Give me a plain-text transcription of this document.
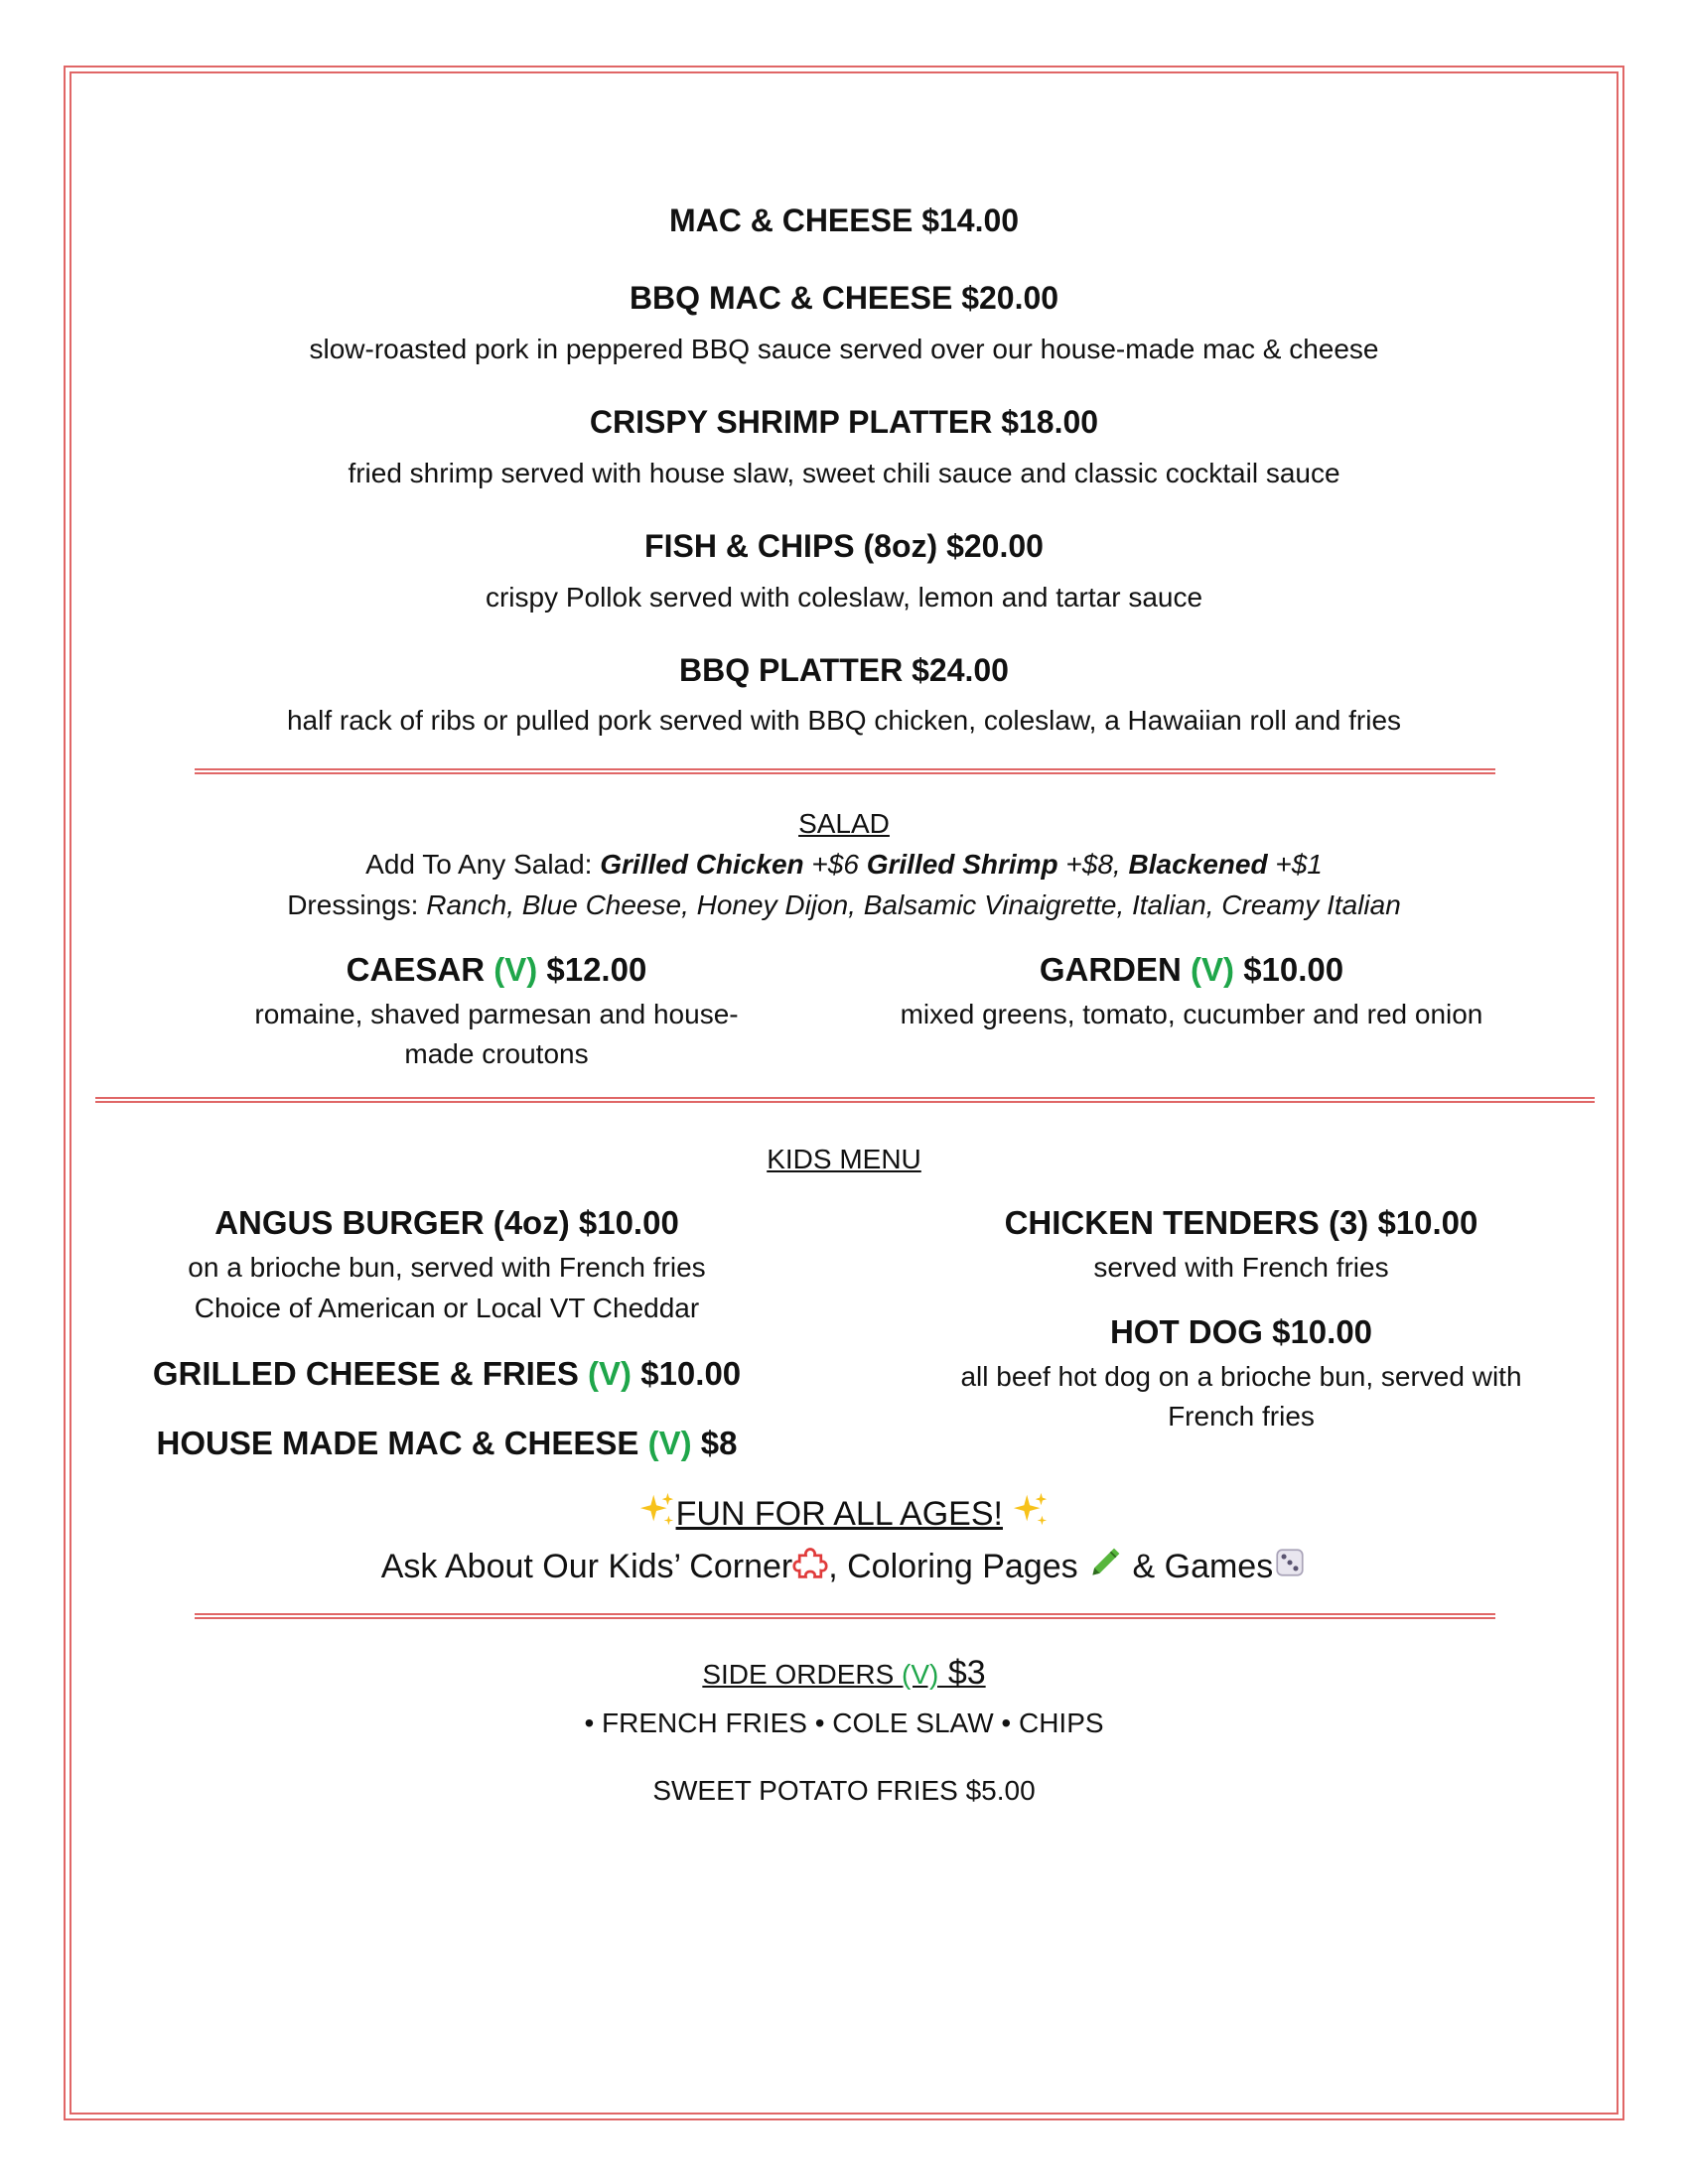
MAC & CHEESE $14.00
BBQ MAC & CHEESE $20.00
slow-roasted pork in peppered BBQ sauce served over our house-made mac & cheese
CRISPY SHRIMP PLATTER $18.00
fried shrimp served with house slaw, sweet chili sauce and classic cocktail sauce
FISH & CHIPS (8oz) $20.00
crispy Pollok served with coleslaw, lemon and tartar sauce
BBQ PLATTER $24.00
half rack of ribs or pulled pork served with BBQ chicken, coleslaw, a Hawaiian roll and fries
SALAD
Add To Any Salad: Grilled Chicken +$6 Grilled Shrimp +$8, Blackened +$1
Dressings: Ranch, Blue Cheese, Honey Dijon, Balsamic Vinaigrette, Italian, Creamy Italian
CAESAR (V) $12.00
romaine, shaved parmesan and house-made croutons
GARDEN (V) $10.00
mixed greens, tomato, cucumber and red onion
KIDS MENU
ANGUS BURGER (4oz) $10.00
on a brioche bun, served with French fries
Choice of American or Local VT Cheddar
GRILLED CHEESE & FRIES (V) $10.00
HOUSE MADE MAC & CHEESE (V) $8
CHICKEN TENDERS (3) $10.00
served with French fries
HOT DOG $10.00
all beef hot dog on a brioche bun, served with French fries
FUN FOR ALL AGES!
Ask About Our Kids’ Corner , Coloring Pages  & Games
SIDE ORDERS (V) $3
• FRENCH FRIES • COLE SLAW • CHIPS
SWEET POTATO FRIES $5.00
